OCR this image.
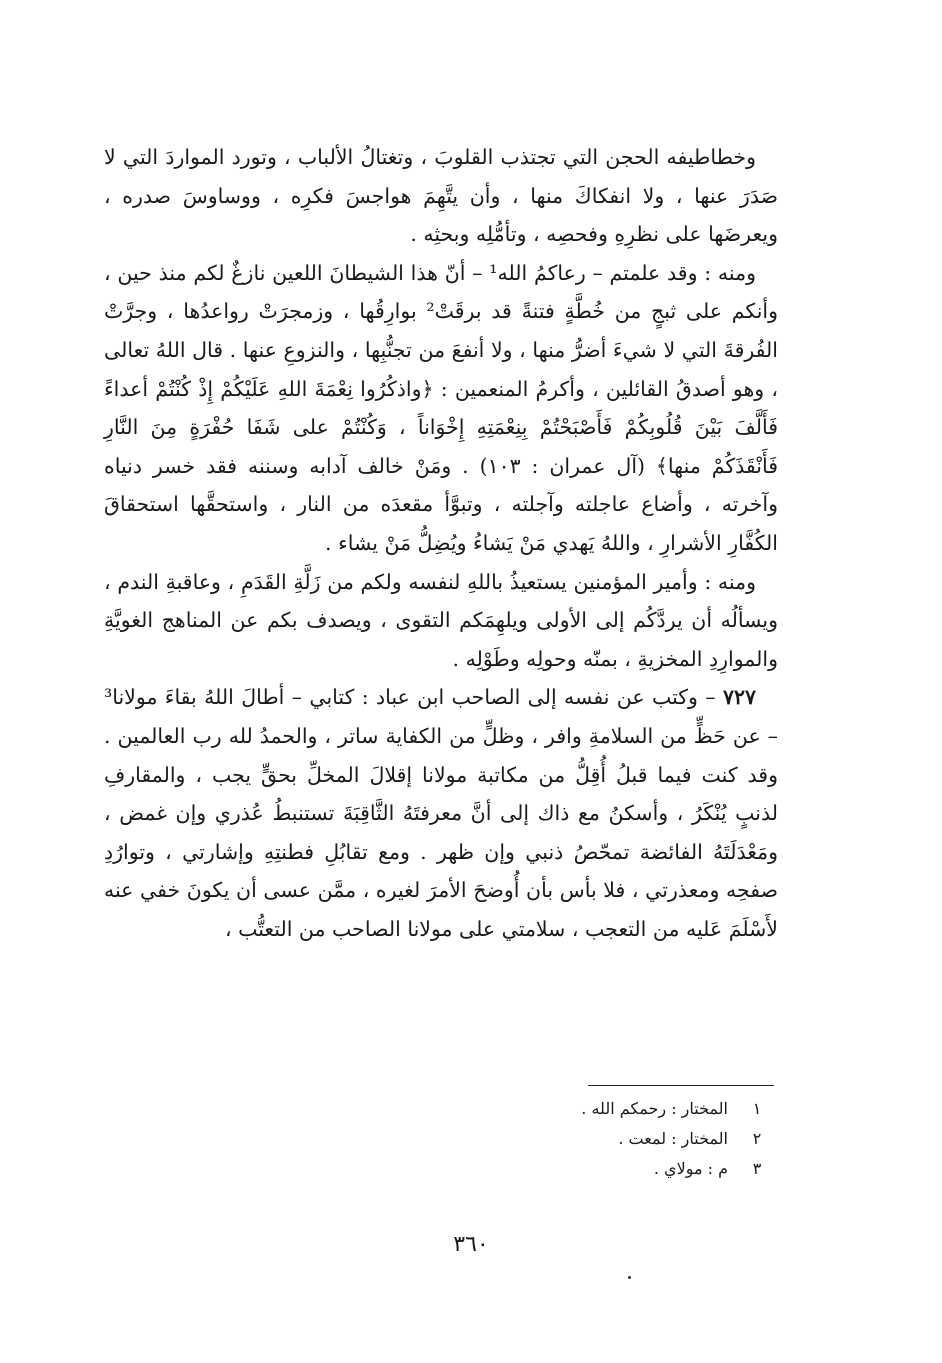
وخطاطيفه الحجن التي تجتذب القلوبَ ، وتغتالُ الألباب ، وتورد المواردَ التي لا صَدَرَ عنها ، ولا انفكاكَ منها ، وأن يتَّهِمَ هواجسَ فكرِه ، ووساوسَ صدره ، ويعرضَها على نظرِهِ وفحصِه ، وتأمُّلِه وبحثِه .

ومنه : وقد علمتم – رعاكمُ الله¹ – أنّ هذا الشيطانَ اللعين نازغٌ لكم منذ حين ، وأنكم على ثبجٍ من خُطَّةٍ فتنةً قد برقَتْ² بوارِقُها ، وزمجرَتْ رواعدُها ، وجرَّتْ الفُرقةَ التي لا شيءَ أضرُّ منها ، ولا أنفعَ من تجنُّبِها ، والنزوعِ عنها . قال اللهُ تعالى ، وهو أصدقُ القائلين ، وأكرمُ المنعمين : ﴿واذكُرُوا نِعْمَةَ اللهِ عَلَيْكُمْ إِذْ كُنْتُمْ أعداءً فَأَلَّفَ بَيْنَ قُلُوبِكُمْ فَأَصْبَحْتُمْ بِنِعْمَتِهِ إِخْوَاناً ، وَكُنْتُمْ على شَفَا حُفْرَةٍ مِنَ النَّارِ فَأَنْقَذَكُمْ منها﴾ (آل عمران : ١٠٣) . ومَنْ خالف آدابه وسننه فقد خسر دنياه وآخرته ، وأضاع عاجلته وآجلته ، وتبوَّأ مقعدَه من النار ، واستحقَّها استحقاقَ الكُفَّارِ الأشرارِ ، واللهُ يَهدي مَنْ يَشاءُ ويُضِلُّ مَنْ يشاء .

ومنه : وأمير المؤمنين يستعيذُ باللهِ لنفسه ولكم من زَلَّةِ القَدَمِ ، وعاقبةِ الندم ، ويسألُه أن يردَّكُم إلى الأولى ويلهِمَكم التقوى ، ويصدف بكم عن المناهج الغويَّةِ والموارِدِ المخزيةِ ، بمنّه وحولِه وطَوْلِه .

٧٢٧ – وكتب عن نفسه إلى الصاحب ابن عباد : كتابي – أطالَ اللهُ بقاءَ مولانا³ – عن حَظٍّ من السلامةِ وافر ، وظلٍّ من الكفاية ساتر ، والحمدُ لله رب العالمين . وقد كنت فيما قبلُ أُقِلُّ من مكاتبة مولانا إقلالَ المخلِّ بحقٍّ يجب ، والمقارفِ لذنبٍ يُنْكَرُ ، وأسكنُ مع ذاك إلى أنَّ معرفتَهُ الثَّاقِبَةَ تستنبطُ عُذري وإن غمض ، ومَعْدَلَتَهُ الفائضة تمحّصُ ذنبي وإن ظهر . ومع تقابُلِ فطنتِهِ وإشارتي ، وتوارُدِ صفحِه ومعذرتي ، فلا بأس بأن أُوضحَ الأمرَ لغيره ، ممَّن عسى أن يكونَ خفي عنه لأَسْلَمَ عَليه من التعجب ، سلامتي على مولانا الصاحب من التعتُّب ،

١
المختار : رحمكم الله .
٢
المختار : لمعت .
٣
م : مولاي .
٣٦٠
